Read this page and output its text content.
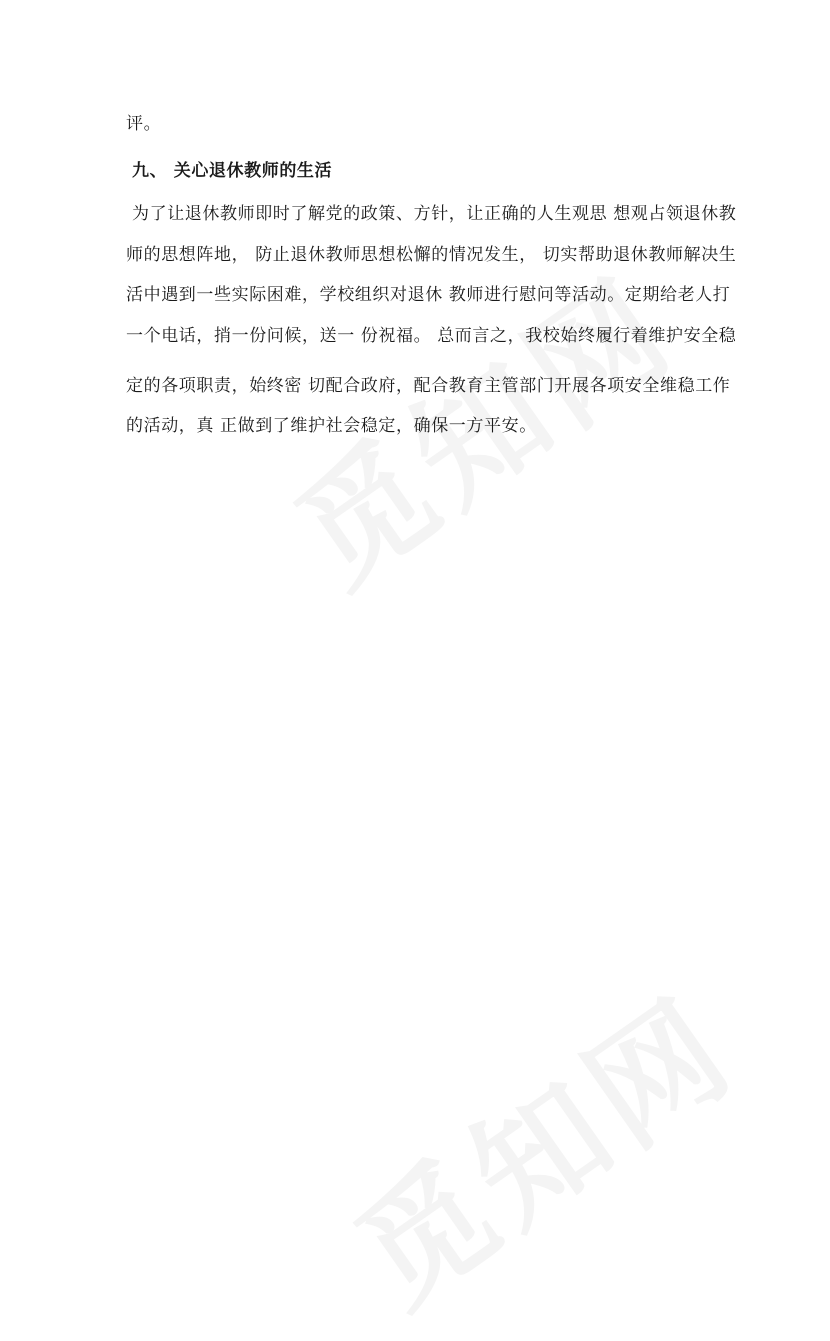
评。
九、 关心退休教师的生活
为了让退休教师即时了解党的政策、方针，让正确的人生观思 想观占领退休教
师的思想阵地， 防止退休教师思想松懈的情况发生， 切实帮助退休教师解决生
活中遇到一些实际困难，学校组织对退休 教师进行慰问等活动。定期给老人打
一个电话，捎一份问候，送一 份祝福。 总而言之，我校始终履行着维护安全稳
定的各项职责，始终密 切配合政府，配合教育主管部门开展各项安全维稳工作
的活动，真 正做到了维护社会稳定，确保一方平安。
